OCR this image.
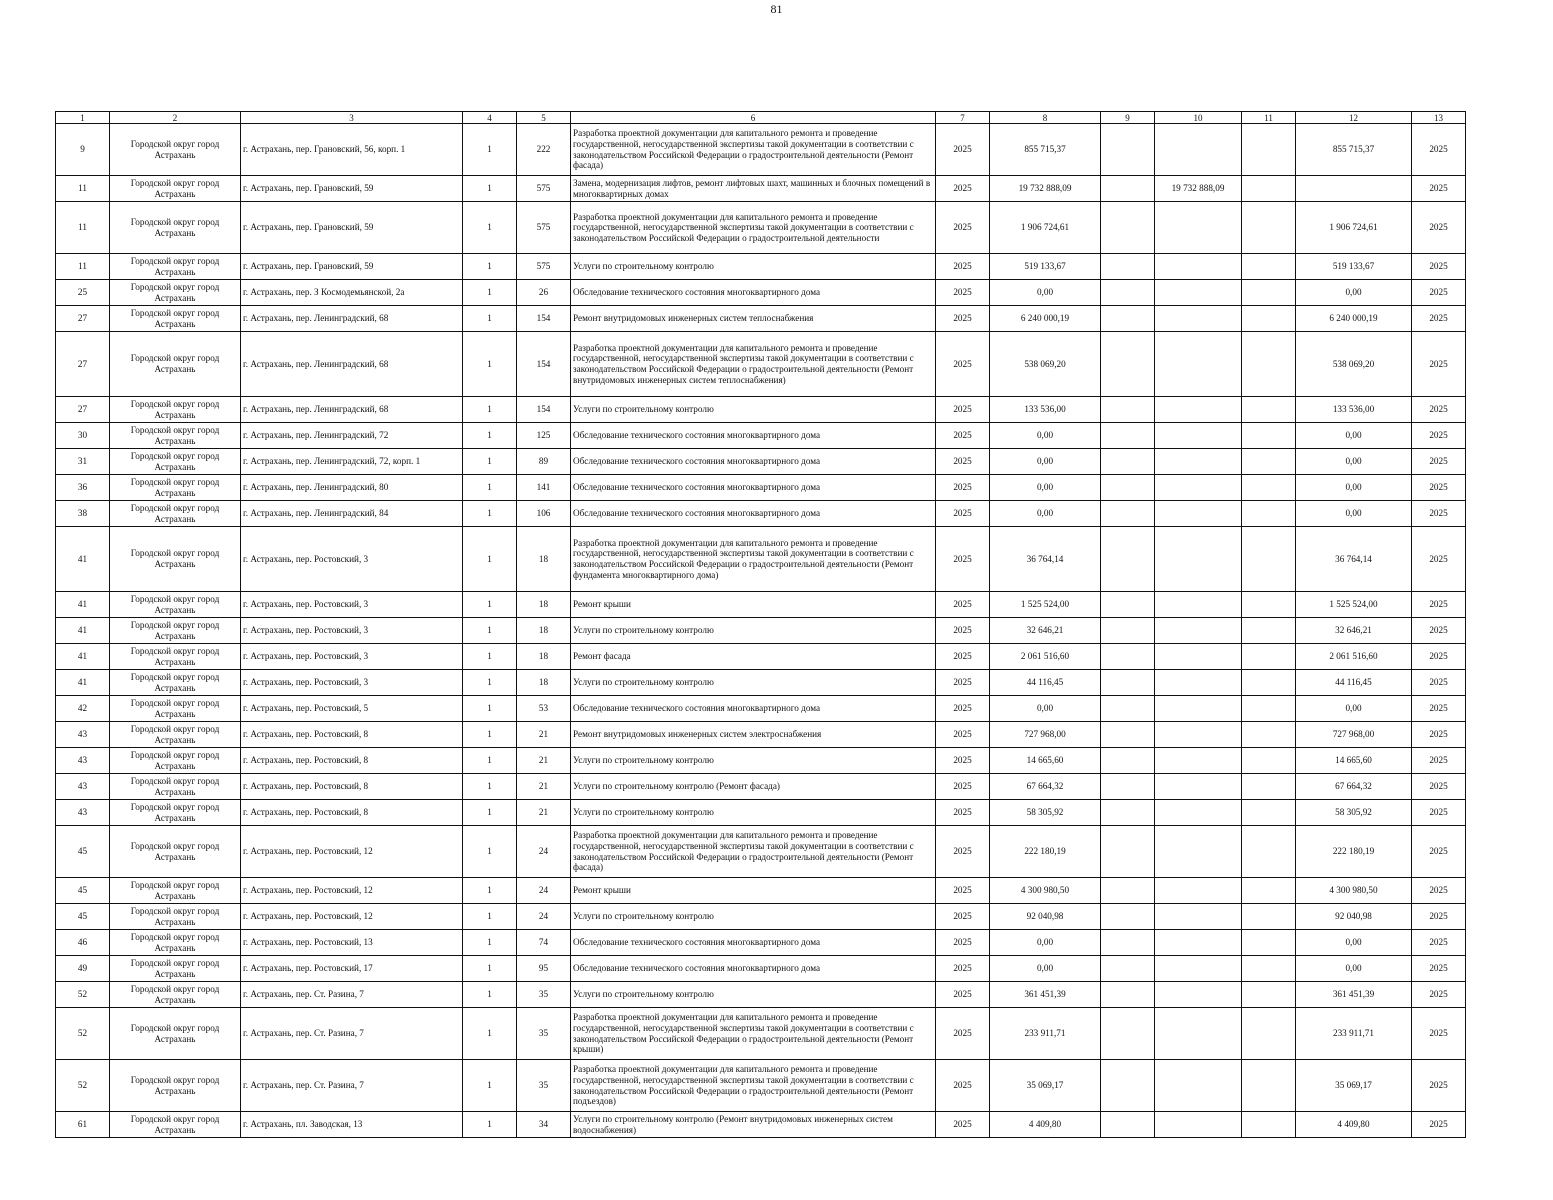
81
1	2	3	4	5	6	7	8	9	10	11	12	13
9	Городской округ город Астрахань	г. Астрахань, пер. Грановский, 56, корп. 1	1	222	Разработка проектной документации для капитального ремонта и проведение государственной, негосударственной экспертизы такой документации в соответствии с законодательством Российской Федерации о градостроительной деятельности (Ремонт фасада)	2025	855 715,37				855 715,37	2025
11	Городской округ город Астрахань	г. Астрахань, пер. Грановский, 59	1	575	Замена, модернизация лифтов, ремонт лифтовых шахт, машинных и блочных помещений в многоквартирных домах	2025	19 732 888,09		19 732 888,09			2025
11	Городской округ город Астрахань	г. Астрахань, пер. Грановский, 59	1	575	Разработка проектной документации для капитального ремонта и проведение государственной, негосударственной экспертизы такой документации в соответствии с законодательством Российской Федерации о градостроительной деятельности	2025	1 906 724,61				1 906 724,61	2025
11	Городской округ город Астрахань	г. Астрахань, пер. Грановский, 59	1	575	Услуги по строительному контролю	2025	519 133,67				519 133,67	2025
25	Городской округ город Астрахань	г. Астрахань, пер. З Космодемьянской, 2а	1	26	Обследование технического состояния многоквартирного дома	2025	0,00				0,00	2025
27	Городской округ город Астрахань	г. Астрахань, пер. Ленинградский, 68	1	154	Ремонт внутридомовых инженерных систем теплоснабжения	2025	6 240 000,19				6 240 000,19	2025
27	Городской округ город Астрахань	г. Астрахань, пер. Ленинградский, 68	1	154	Разработка проектной документации для капитального ремонта и проведение государственной, негосударственной экспертизы такой документации в соответствии с законодательством Российской Федерации о градостроительной деятельности (Ремонт внутридомовых инженерных систем теплоснабжения)	2025	538 069,20				538 069,20	2025
27	Городской округ город Астрахань	г. Астрахань, пер. Ленинградский, 68	1	154	Услуги по строительному контролю	2025	133 536,00				133 536,00	2025
30	Городской округ город Астрахань	г. Астрахань, пер. Ленинградский, 72	1	125	Обследование технического состояния многоквартирного дома	2025	0,00				0,00	2025
31	Городской округ город Астрахань	г. Астрахань, пер. Ленинградский, 72, корп. 1	1	89	Обследование технического состояния многоквартирного дома	2025	0,00				0,00	2025
36	Городской округ город Астрахань	г. Астрахань, пер. Ленинградский, 80	1	141	Обследование технического состояния многоквартирного дома	2025	0,00				0,00	2025
38	Городской округ город Астрахань	г. Астрахань, пер. Ленинградский, 84	1	106	Обследование технического состояния многоквартирного дома	2025	0,00				0,00	2025
41	Городской округ город Астрахань	г. Астрахань, пер. Ростовский, 3	1	18	Разработка проектной документации для капитального ремонта и проведение государственной, негосударственной экспертизы такой документации в соответствии с законодательством Российской Федерации о градостроительной деятельности (Ремонт фундамента многоквартирного дома)	2025	36 764,14				36 764,14	2025
41	Городской округ город Астрахань	г. Астрахань, пер. Ростовский, 3	1	18	Ремонт крыши	2025	1 525 524,00				1 525 524,00	2025
41	Городской округ город Астрахань	г. Астрахань, пер. Ростовский, 3	1	18	Услуги по строительному контролю	2025	32 646,21				32 646,21	2025
41	Городской округ город Астрахань	г. Астрахань, пер. Ростовский, 3	1	18	Ремонт фасада	2025	2 061 516,60				2 061 516,60	2025
41	Городской округ город Астрахань	г. Астрахань, пер. Ростовский, 3	1	18	Услуги по строительному контролю	2025	44 116,45				44 116,45	2025
42	Городской округ город Астрахань	г. Астрахань, пер. Ростовский, 5	1	53	Обследование технического состояния многоквартирного дома	2025	0,00				0,00	2025
43	Городской округ город Астрахань	г. Астрахань, пер. Ростовский, 8	1	21	Ремонт внутридомовых инженерных систем электроснабжения	2025	727 968,00				727 968,00	2025
43	Городской округ город Астрахань	г. Астрахань, пер. Ростовский, 8	1	21	Услуги по строительному контролю	2025	14 665,60				14 665,60	2025
43	Городской округ город Астрахань	г. Астрахань, пер. Ростовский, 8	1	21	Услуги по строительному контролю (Ремонт фасада)	2025	67 664,32				67 664,32	2025
43	Городской округ город Астрахань	г. Астрахань, пер. Ростовский, 8	1	21	Услуги по строительному контролю	2025	58 305,92				58 305,92	2025
45	Городской округ город Астрахань	г. Астрахань, пер. Ростовский, 12	1	24	Разработка проектной документации для капитального ремонта и проведение государственной, негосударственной экспертизы такой документации в соответствии с законодательством Российской Федерации о градостроительной деятельности (Ремонт фасада)	2025	222 180,19				222 180,19	2025
45	Городской округ город Астрахань	г. Астрахань, пер. Ростовский, 12	1	24	Ремонт крыши	2025	4 300 980,50				4 300 980,50	2025
45	Городской округ город Астрахань	г. Астрахань, пер. Ростовский, 12	1	24	Услуги по строительному контролю	2025	92 040,98				92 040,98	2025
46	Городской округ город Астрахань	г. Астрахань, пер. Ростовский, 13	1	74	Обследование технического состояния многоквартирного дома	2025	0,00				0,00	2025
49	Городской округ город Астрахань	г. Астрахань, пер. Ростовский, 17	1	95	Обследование технического состояния многоквартирного дома	2025	0,00				0,00	2025
52	Городской округ город Астрахань	г. Астрахань, пер. Ст. Разина, 7	1	35	Услуги по строительному контролю	2025	361 451,39				361 451,39	2025
52	Городской округ город Астрахань	г. Астрахань, пер. Ст. Разина, 7	1	35	Разработка проектной документации для капитального ремонта и проведение государственной, негосударственной экспертизы такой документации в соответствии с законодательством Российской Федерации о градостроительной деятельности (Ремонт крыши)	2025	233 911,71				233 911,71	2025
52	Городской округ город Астрахань	г. Астрахань, пер. Ст. Разина, 7	1	35	Разработка проектной документации для капитального ремонта и проведение государственной, негосударственной экспертизы такой документации в соответствии с законодательством Российской Федерации о градостроительной деятельности (Ремонт подъездов)	2025	35 069,17				35 069,17	2025
61	Городской округ город Астрахань	г. Астрахань, пл. Заводская, 13	1	34	Услуги по строительному контролю (Ремонт внутридомовых инженерных систем водоснабжения)	2025	4 409,80				4 409,80	2025
